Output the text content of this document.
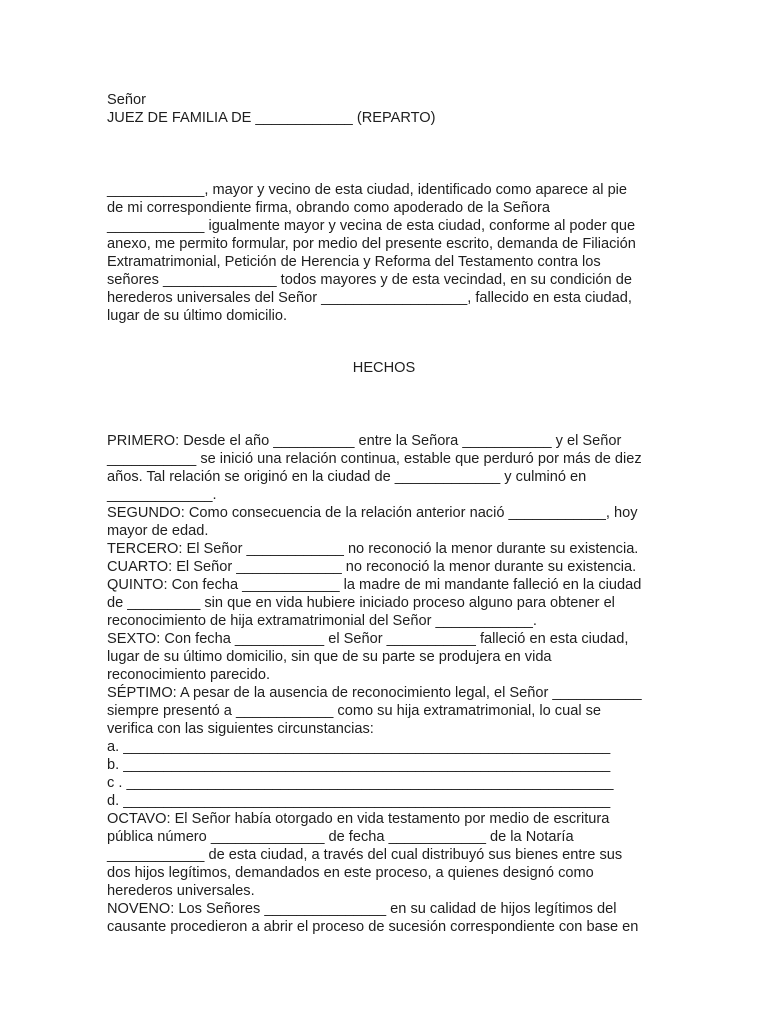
Señor
JUEZ DE FAMILIA DE ____________ (REPARTO)
____________, mayor y vecino de esta ciudad, identificado como aparece al pie
de mi correspondiente firma, obrando como apoderado de la Señora
____________ igualmente mayor y vecina de esta ciudad, conforme al poder que
anexo, me permito formular, por medio del presente escrito, demanda de Filiación
Extramatrimonial, Petición de Herencia y Reforma del Testamento contra los
señores ______________ todos mayores y de esta vecindad, en su condición de
herederos universales del Señor __________________, fallecido en esta ciudad,
lugar de su último domicilio.
HECHOS
PRIMERO: Desde el año __________ entre la Señora ___________ y el Señor
___________ se inició una relación continua, estable que perduró por más de diez
años. Tal relación se originó en la ciudad de _____________ y culminó en
_____________.
SEGUNDO: Como consecuencia de la relación anterior nació ____________, hoy
mayor de edad.
TERCERO: El Señor ____________ no reconoció la menor durante su existencia.
CUARTO: El Señor _____________ no reconoció la menor durante su existencia.
QUINTO: Con fecha ____________ la madre de mi mandante falleció en la ciudad
de _________ sin que en vida hubiere iniciado proceso alguno para obtener el
reconocimiento de hija extramatrimonial del Señor ____________.
SEXTO: Con fecha ___________ el Señor ___________ falleció en esta ciudad,
lugar de su último domicilio, sin que de su parte se produjera en vida
reconocimiento parecido.
SÉPTIMO: A pesar de la ausencia de reconocimiento legal, el Señor ___________
siempre presentó a ____________ como su hija extramatrimonial, lo cual se
verifica con las siguientes circunstancias:
a. ____________________________________________________________
b. ____________________________________________________________
c . ____________________________________________________________
d. ____________________________________________________________
OCTAVO: El Señor había otorgado en vida testamento por medio de escritura
pública número ______________ de fecha ____________ de la Notaría
____________ de esta ciudad, a través del cual distribuyó sus bienes entre sus
dos hijos legítimos, demandados en este proceso, a quienes designó como
herederos universales.
NOVENO: Los Señores _______________ en su calidad de hijos legítimos del
causante procedieron a abrir el proceso de sucesión correspondiente con base en
